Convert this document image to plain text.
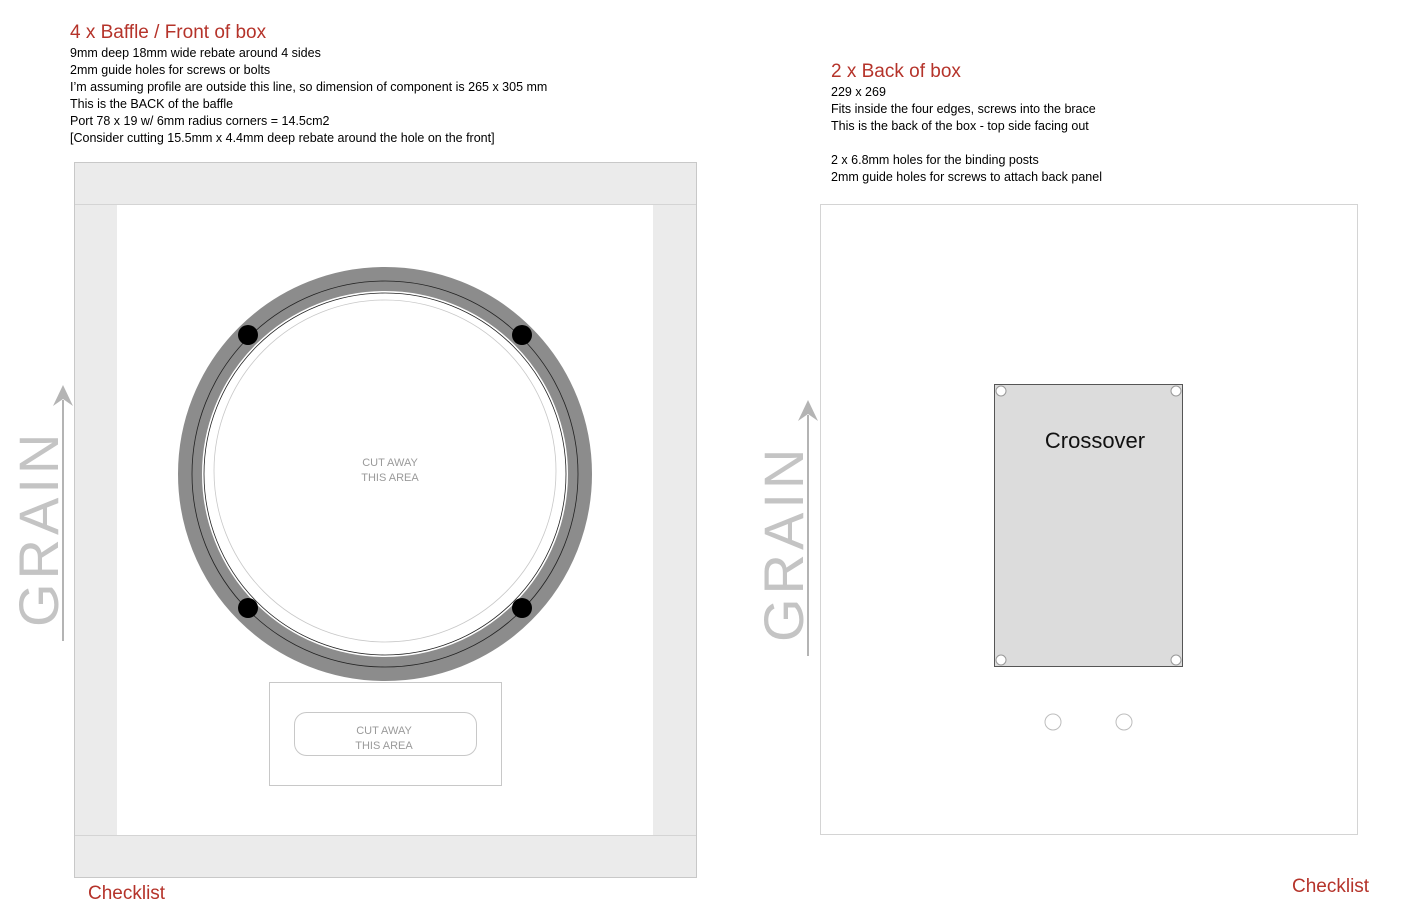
4 x Baffle / Front of box
9mm deep 18mm wide rebate around 4 sides
2mm guide holes for screws or bolts
I’m assuming profile are outside this line, so dimension of component is 265 x 305 mm
This is the BACK of the baffle
Port 78 x 19 w/ 6mm radius corners = 14.5cm2
[Consider cutting 15.5mm x 4.4mm deep rebate around the hole on the front]
2 x Back of box
229 x 269
Fits inside the four edges, screws into the brace
This is the back of the box - top side facing out
2 x 6.8mm holes for the binding posts
2mm guide holes for screws to attach back panel
CUT AWAY
THIS AREA
CUT AWAY
THIS AREA
GRAIN	Crossover
GRAIN
Checklist	Checklist
